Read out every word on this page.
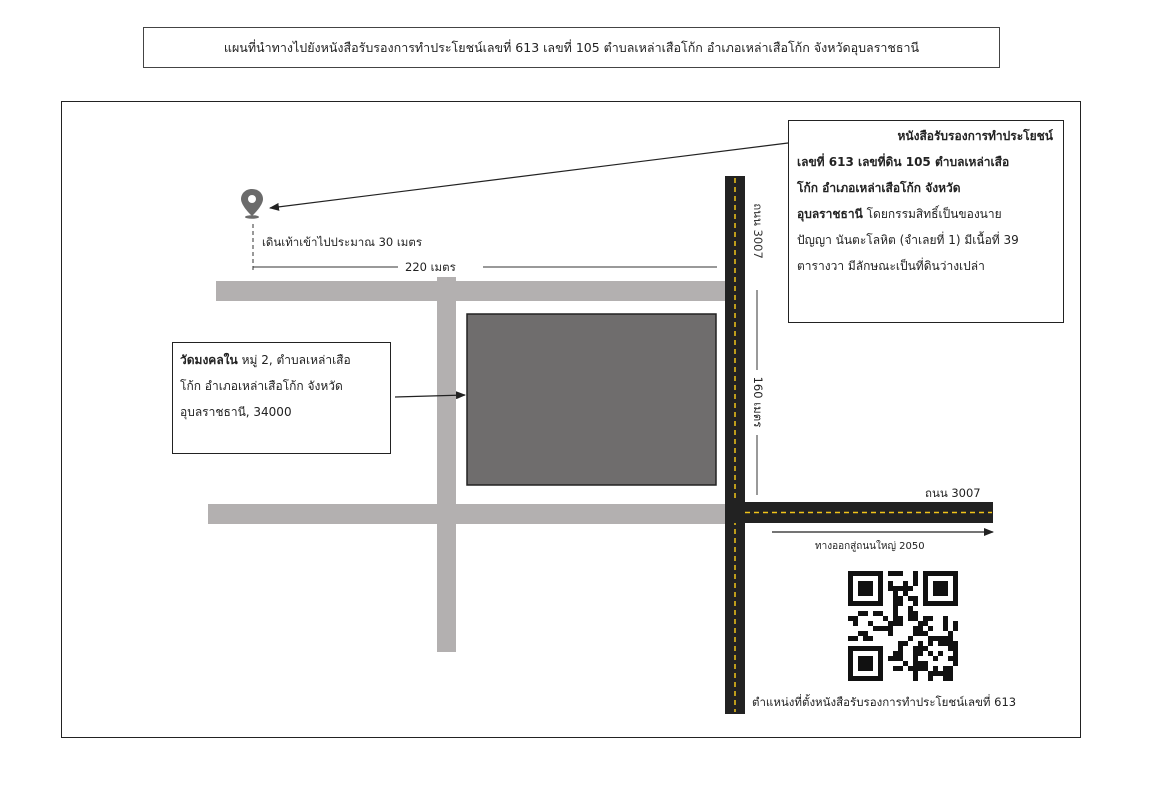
แผนที่นำทางไปยังหนังสือรับรองการทำประโยชน์เลขที่ 613 เลขที่ 105 ตำบลเหล่าเสือโก้ก อำเภอเหล่าเสือโก้ก จังหวัดอุบลราชธานี
หนังสือรับรองการทำประโยชน์
เลขที่ 613 เลขที่ดิน 105 ตำบลเหล่าเสือ
โก้ก อำเภอเหล่าเสือโก้ก จังหวัด
อุบลราชธานี โดยกรรมสิทธิ์เป็นของนาย
ปัญญา นันตะโลหิต (จำเลยที่ 1) มีเนื้อที่ 39
ตารางวา มีลักษณะเป็นที่ดินว่างเปล่า
วัดมงคลใน หมู่ 2, ตำบลเหล่าเสือ
โก้ก อำเภอเหล่าเสือโก้ก จังหวัด
อุบลราชธานี, 34000
เดินเท้าเข้าไปประมาณ 30 เมตร
220 เมตร
ถนน 3007
160 เมตร
ถนน 3007
ทางออกสู่ถนนใหญ่ 2050
ตำแหน่งที่ตั้งหนังสือรับรองการทำประโยชน์เลขที่ 613
